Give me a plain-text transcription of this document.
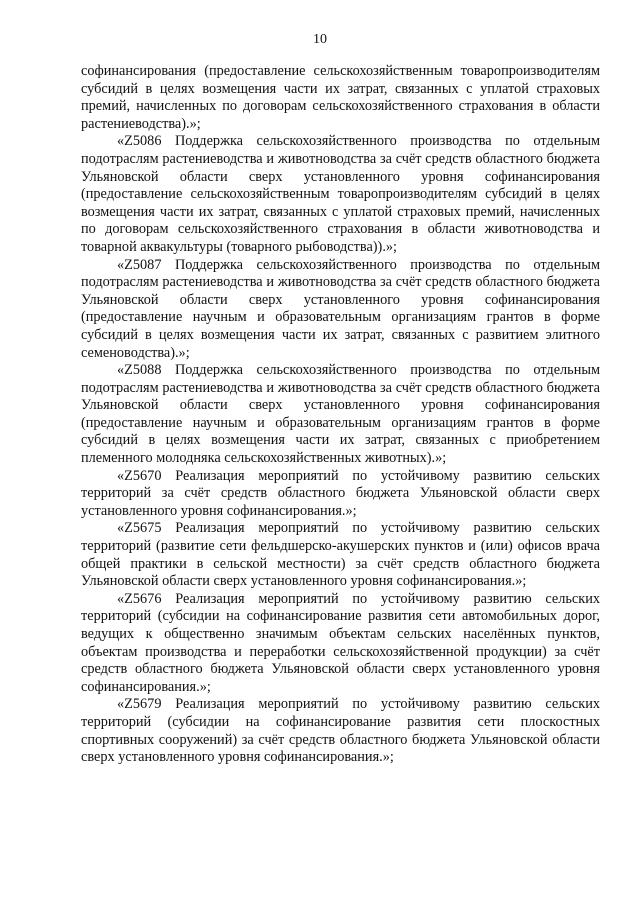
10

софинансирования (предоставление сельскохозяйственным товаропроизводителям субсидий в целях возмещения части их затрат, связанных с уплатой страховых премий, начисленных по договорам сельскохозяйственного страхования в области растениеводства).»;

«Z5086 Поддержка сельскохозяйственного производства по отдельным подотраслям растениеводства и животноводства за счёт средств областного бюджета Ульяновской области сверх установленного уровня софинансирования (предоставление сельскохозяйственным товаропроизводителям субсидий в целях возмещения части их затрат, связанных с уплатой страховых премий, начисленных по договорам сельскохозяйственного страхования в области животноводства и товарной аквакультуры (товарного рыбоводства)).»;

«Z5087 Поддержка сельскохозяйственного производства по отдельным подотраслям растениеводства и животноводства за счёт средств областного бюджета Ульяновской области сверх установленного уровня софинансирования (предоставление научным и образовательным организациям грантов в форме субсидий в целях возмещения части их затрат, связанных с развитием элитного семеноводства).»;

«Z5088 Поддержка сельскохозяйственного производства по отдельным подотраслям растениеводства и животноводства за счёт средств областного бюджета Ульяновской области сверх установленного уровня софинансирования (предоставление научным и образовательным организациям грантов в форме субсидий в целях возмещения части их затрат, связанных с приобретением племенного молодняка сельскохозяйственных животных).»;

«Z5670 Реализация мероприятий по устойчивому развитию сельских территорий за счёт средств областного бюджета Ульяновской области сверх установленного уровня софинансирования.»;

«Z5675 Реализация мероприятий по устойчивому развитию сельских территорий (развитие сети фельдшерско-акушерских пунктов и (или) офисов врача общей практики в сельской местности) за счёт средств областного бюджета Ульяновской области сверх установленного уровня софинансирования.»;

«Z5676 Реализация мероприятий по устойчивому развитию сельских территорий (субсидии на софинансирование развития сети автомобильных дорог, ведущих к общественно значимым объектам сельских населённых пунктов, объектам производства и переработки сельскохозяйственной продукции) за счёт средств областного бюджета Ульяновской области сверх установленного уровня софинансирования.»;

«Z5679 Реализация мероприятий по устойчивому развитию сельских территорий (субсидии на софинансирование развития сети плоскостных спортивных сооружений) за счёт средств областного бюджета Ульяновской области сверх установленного уровня софинансирования.»;
